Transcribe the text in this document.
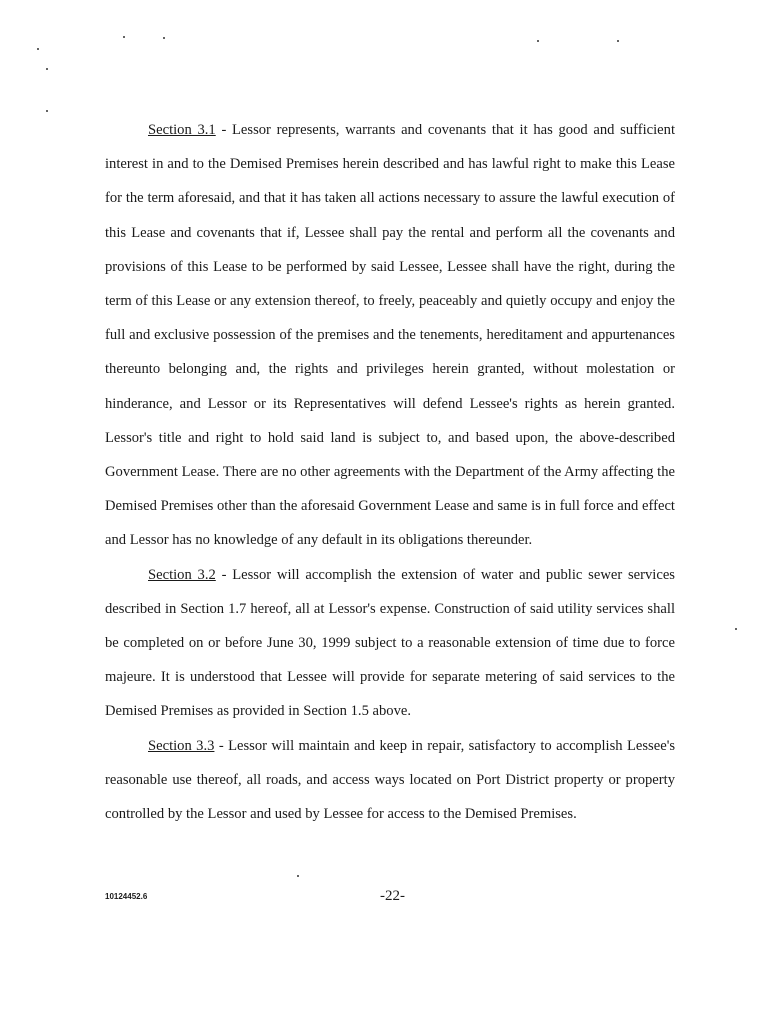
Section 3.1 - Lessor represents, warrants and covenants that it has good and sufficient interest in and to the Demised Premises herein described and has lawful right to make this Lease for the term aforesaid, and that it has taken all actions necessary to assure the lawful execution of this Lease and covenants that if, Lessee shall pay the rental and perform all the covenants and provisions of this Lease to be performed by said Lessee, Lessee shall have the right, during the term of this Lease or any extension thereof, to freely, peaceably and quietly occupy and enjoy the full and exclusive possession of the premises and the tenements, hereditament and appurtenances thereunto belonging and, the rights and privileges herein granted, without molestation or hinderance, and Lessor or its Representatives will defend Lessee's rights as herein granted. Lessor's title and right to hold said land is subject to, and based upon, the above-described Government Lease. There are no other agreements with the Department of the Army affecting the Demised Premises other than the aforesaid Government Lease and same is in full force and effect and Lessor has no knowledge of any default in its obligations thereunder.

Section 3.2 - Lessor will accomplish the extension of water and public sewer services described in Section 1.7 hereof, all at Lessor's expense. Construction of said utility services shall be completed on or before June 30, 1999 subject to a reasonable extension of time due to force majeure. It is understood that Lessee will provide for separate metering of said services to the Demised Premises as provided in Section 1.5 above.

Section 3.3 - Lessor will maintain and keep in repair, satisfactory to accomplish Lessee's reasonable use thereof, all roads, and access ways located on Port District property or property controlled by the Lessor and used by Lessee for access to the Demised Premises.

10124452.6	-22-
